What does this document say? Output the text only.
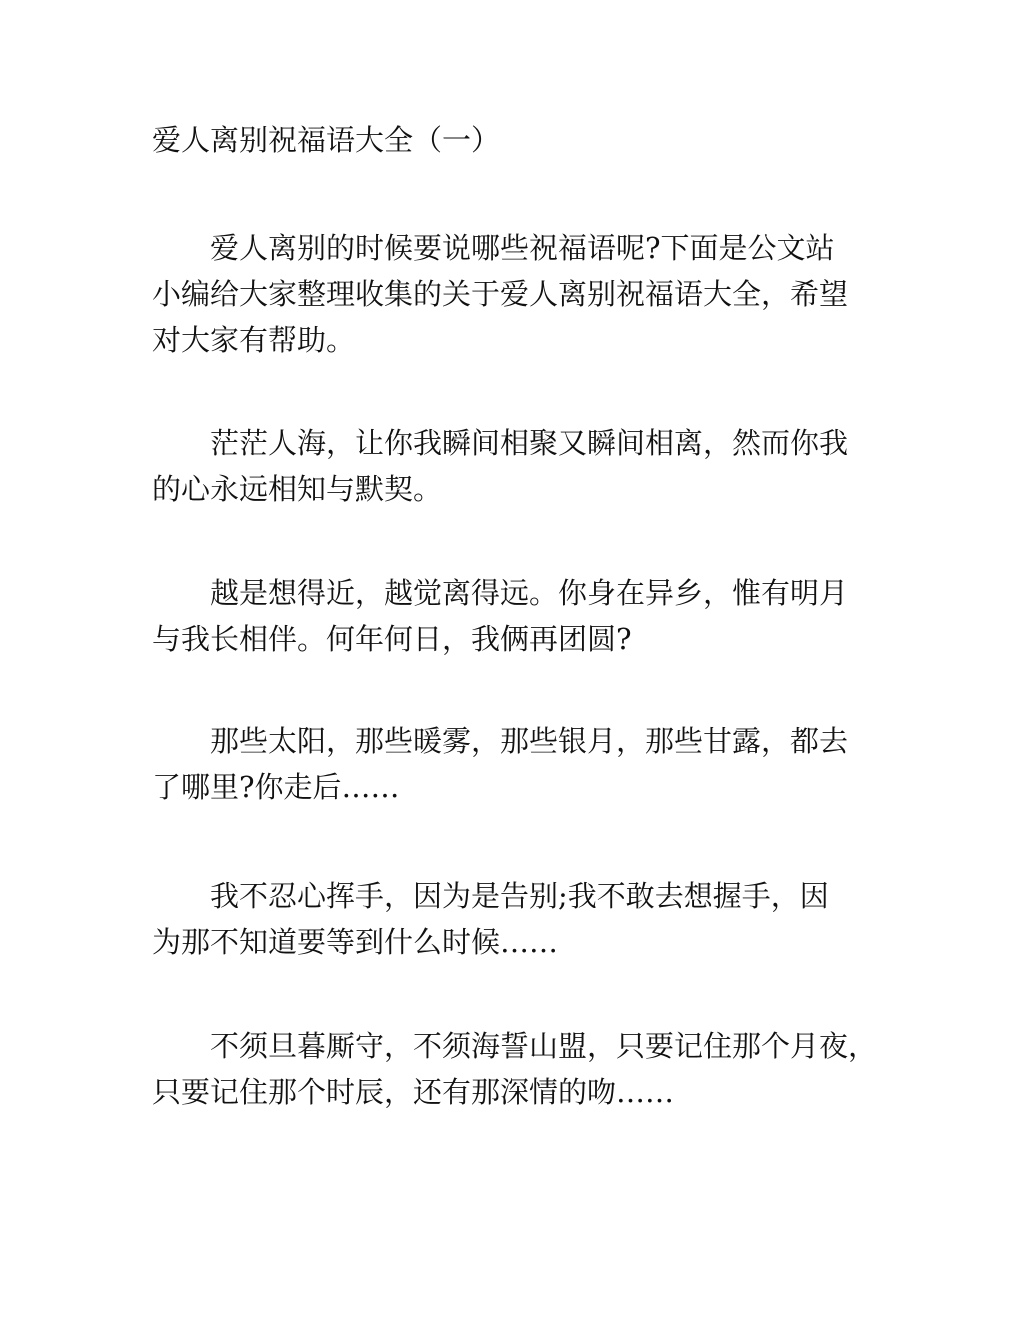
爱人离别祝福语大全（一）

爱人离别的时候要说哪些祝福语呢?下面是公文站
小编给大家整理收集的关于爱人离别祝福语大全，希望
对大家有帮助。

茫茫人海，让你我瞬间相聚又瞬间相离，然而你我
的心永远相知与默契。

越是想得近，越觉离得远。你身在异乡，惟有明月
与我长相伴。何年何日，我俩再团圆?

那些太阳，那些暖雾，那些银月，那些甘露，都去
了哪里?你走后……

我不忍心挥手，因为是告别;我不敢去想握手，因
为那不知道要等到什么时候……

不须旦暮厮守，不须海誓山盟，只要记住那个月夜，
只要记住那个时辰，还有那深情的吻……
